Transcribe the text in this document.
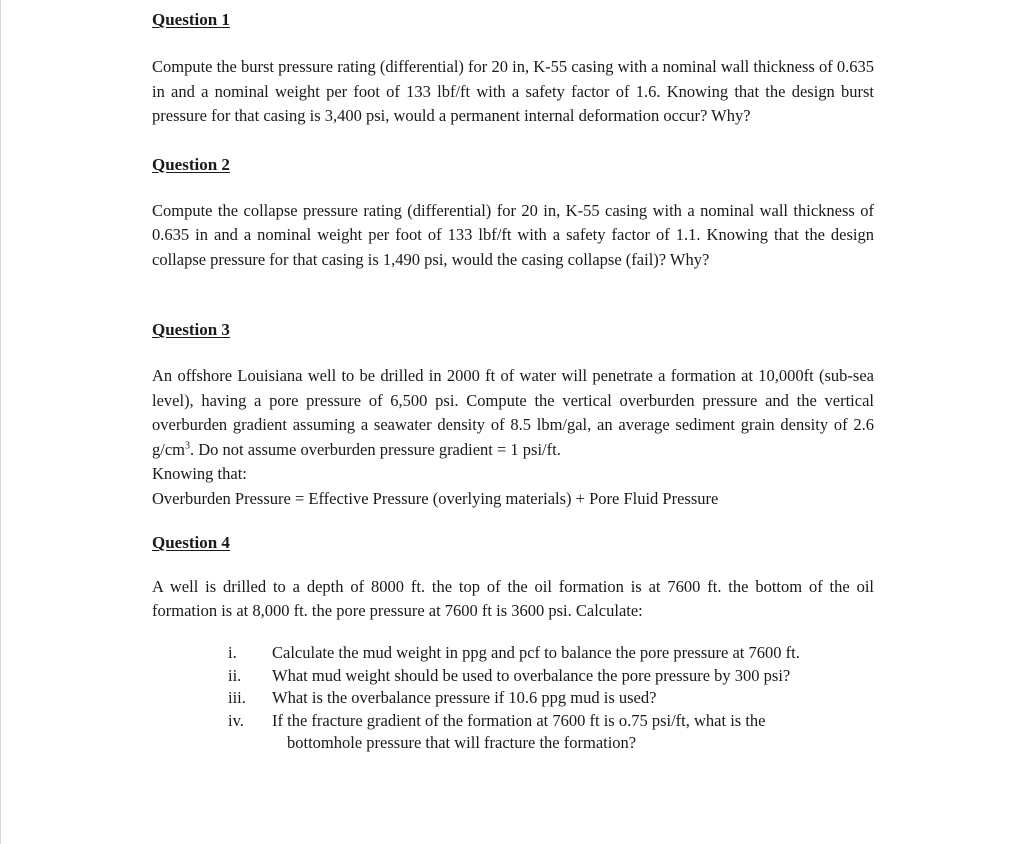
Question 1

Compute the burst pressure rating (differential) for 20 in, K-55 casing with a nominal wall thickness of 0.635 in and a nominal weight per foot of 133 lbf/ft with a safety factor of 1.6. Knowing that the design burst pressure for that casing is 3,400 psi, would a permanent internal deformation occur? Why?

Question 2

Compute the collapse pressure rating (differential) for 20 in, K-55 casing with a nominal wall thickness of 0.635 in and a nominal weight per foot of 133 lbf/ft with a safety factor of 1.1. Knowing that the design collapse pressure for that casing is 1,490 psi, would the casing collapse (fail)? Why?

Question 3

An offshore Louisiana well to be drilled in 2000 ft of water will penetrate a formation at 10,000ft (sub-sea level), having a pore pressure of 6,500 psi. Compute the vertical overburden pressure and the vertical overburden gradient assuming a seawater density of 8.5 lbm/gal, an average sediment grain density of 2.6 $g/cm^3$. Do not assume overburden pressure gradient = 1 psi/ft.

Knowing that:

Overburden Pressure = Effective Pressure (overlying materials) + Pore Fluid Pressure

Question 4

A well is drilled to a depth of 8000 ft. the top of the oil formation is at 7600 ft. the bottom of the oil formation is at 8,000 ft. the pore pressure at 7600 ft is 3600 psi. Calculate:

i. Calculate the mud weight in ppg and pcf to balance the pore pressure at 7600 ft.
ii. What mud weight should be used to overbalance the pore pressure by 300 psi?
iii. What is the overbalance pressure if 10.6 ppg mud is used?
iv. If the fracture gradient of the formation at 7600 ft is o.75 psi/ft, what is the
bottomhole pressure that will fracture the formation?
